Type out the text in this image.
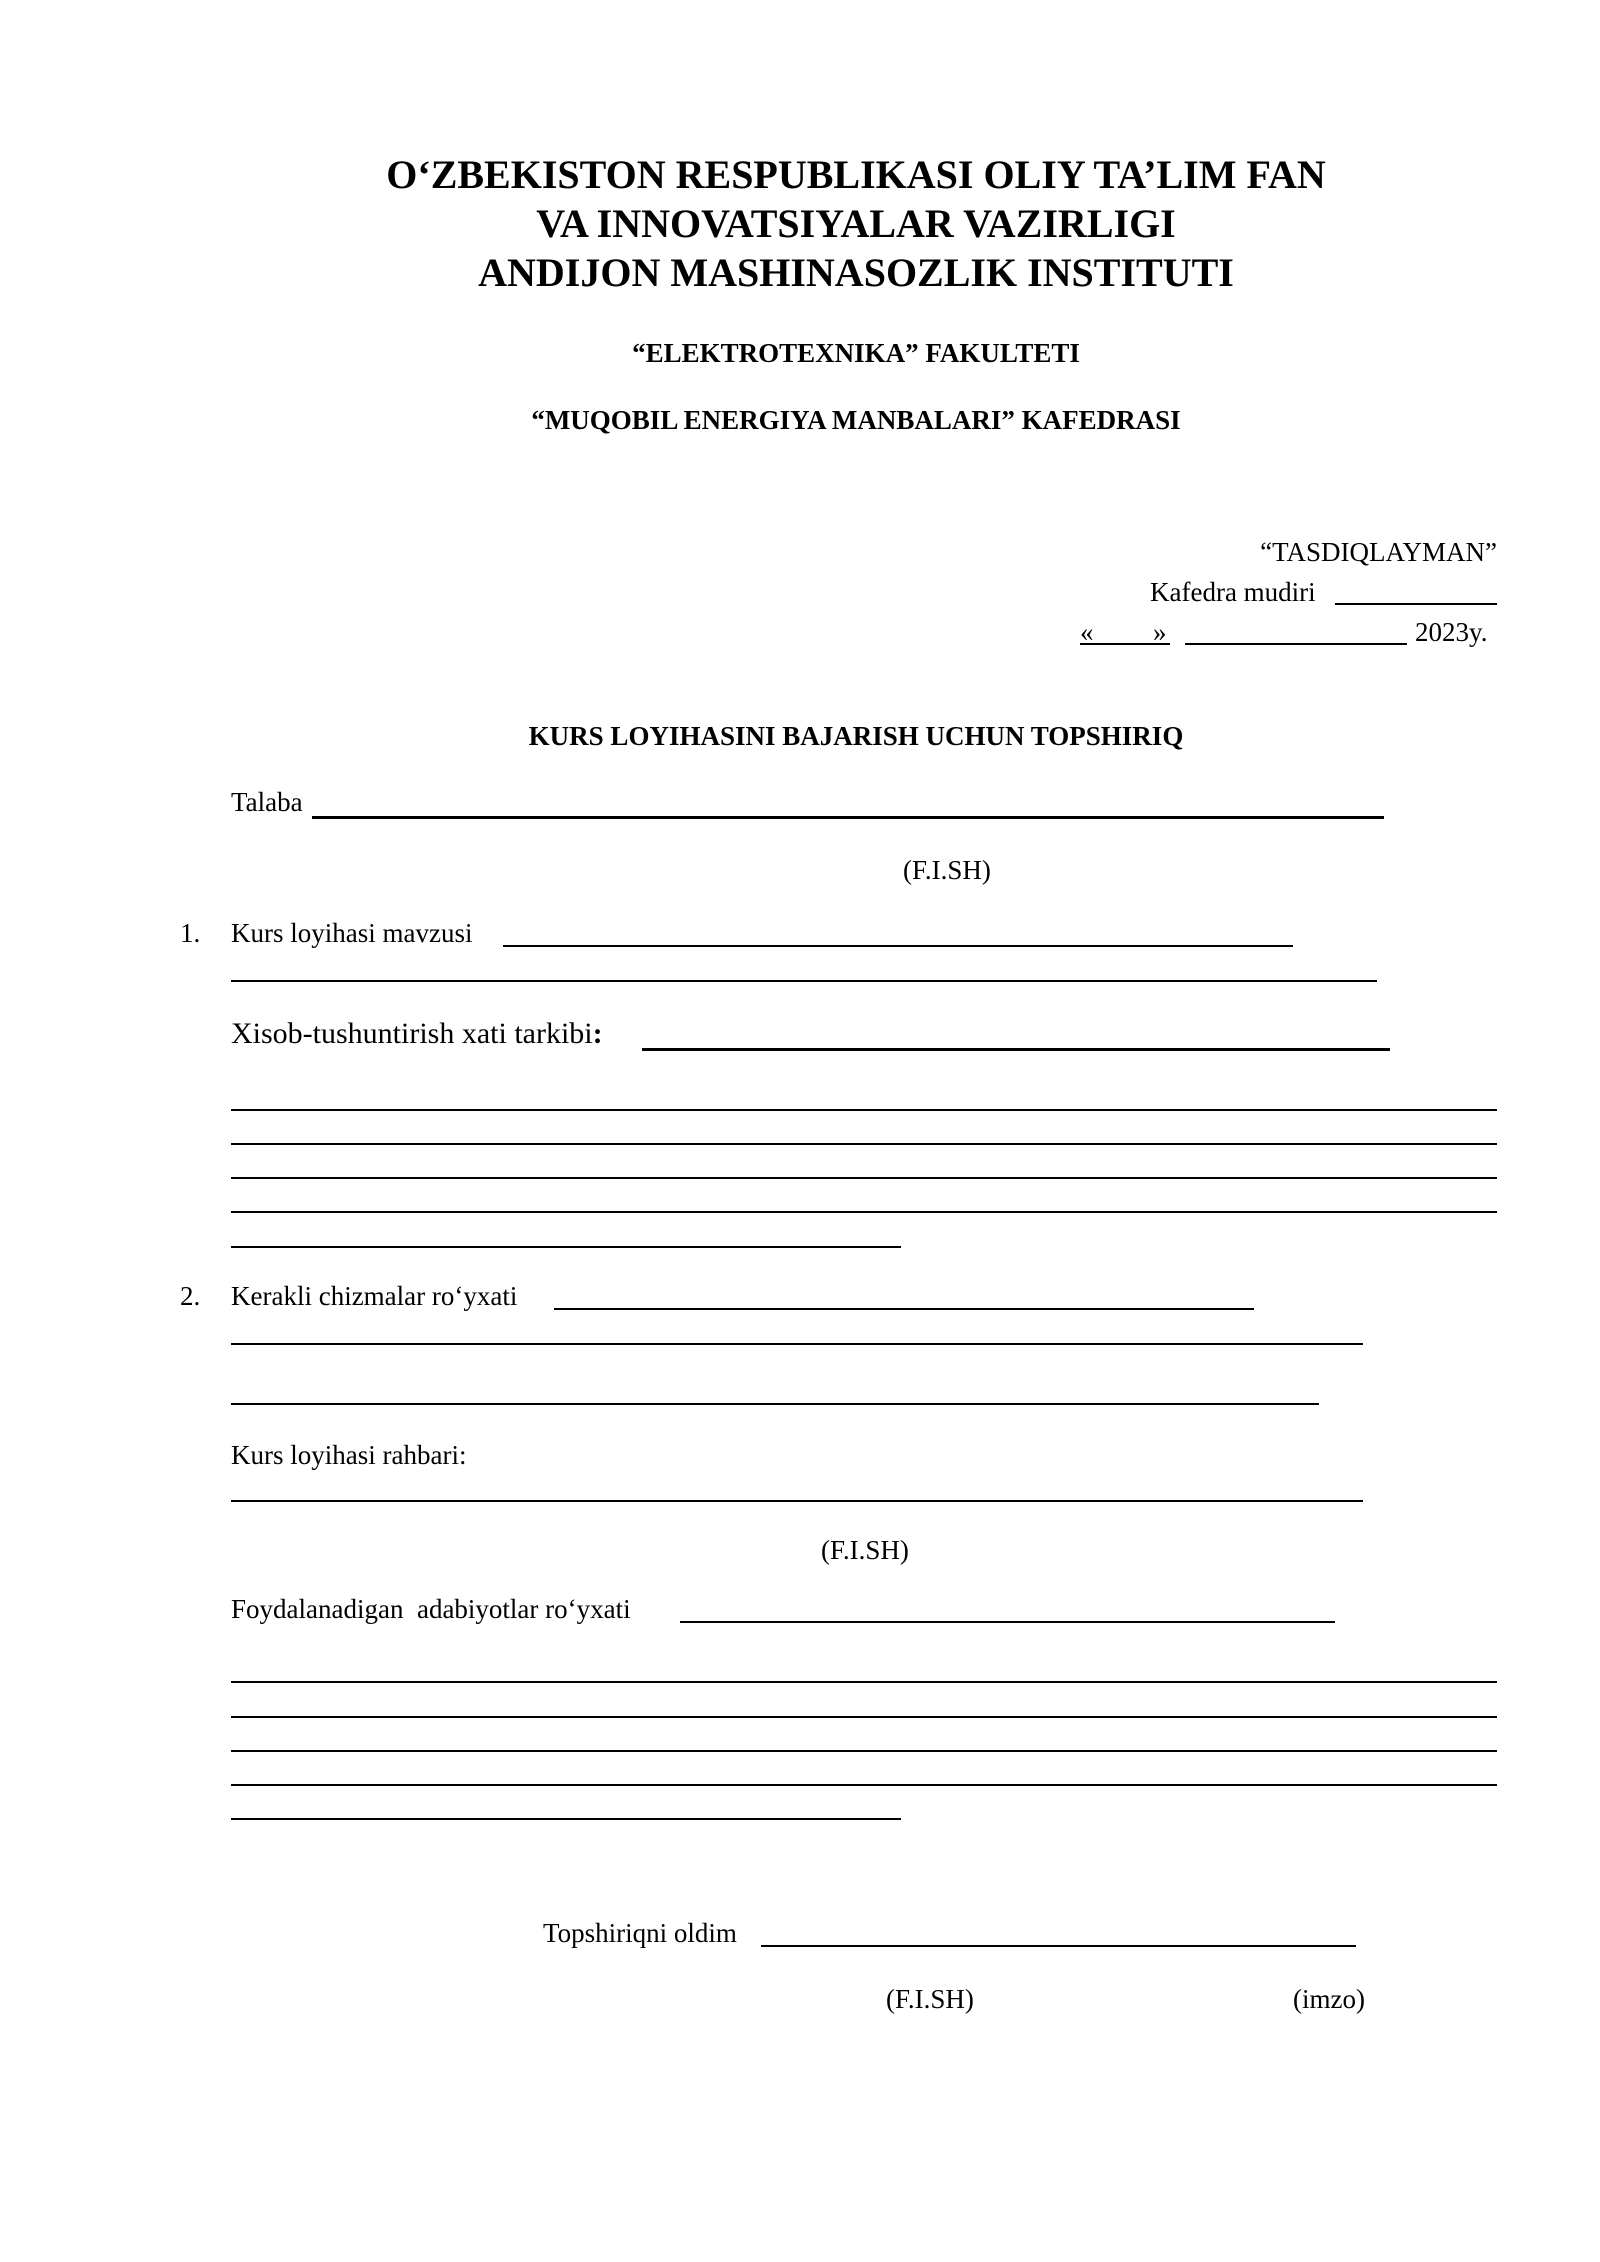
O‘ZBEKISTON RESPUBLIKASI OLIY TA’LIM FAN
VA INNOVATSIYALAR VAZIRLIGI
ANDIJON MASHINASOZLIK INSTITUTI
“ELEKTROTEXNIKA” FAKULTETI
“MUQOBIL ENERGIYA MANBALARI” KAFEDRASI
“TASDIQLAYMAN”
Kafedra mudiri
« »	2023y.
KURS LOYIHASINI BAJARISH UCHUN TOPSHIRIQ
Talaba
(F.I.SH)
1. Kurs loyihasi mavzusi
Xisob-tushuntirish xati tarkibi:
2. Kerakli chizmalar ro‘yxati
Kurs loyihasi rahbari:
(F.I.SH)
Foydalanadigan  adabiyotlar ro‘yxati
Topshiriqni oldim
(F.I.SH)	(imzo)
